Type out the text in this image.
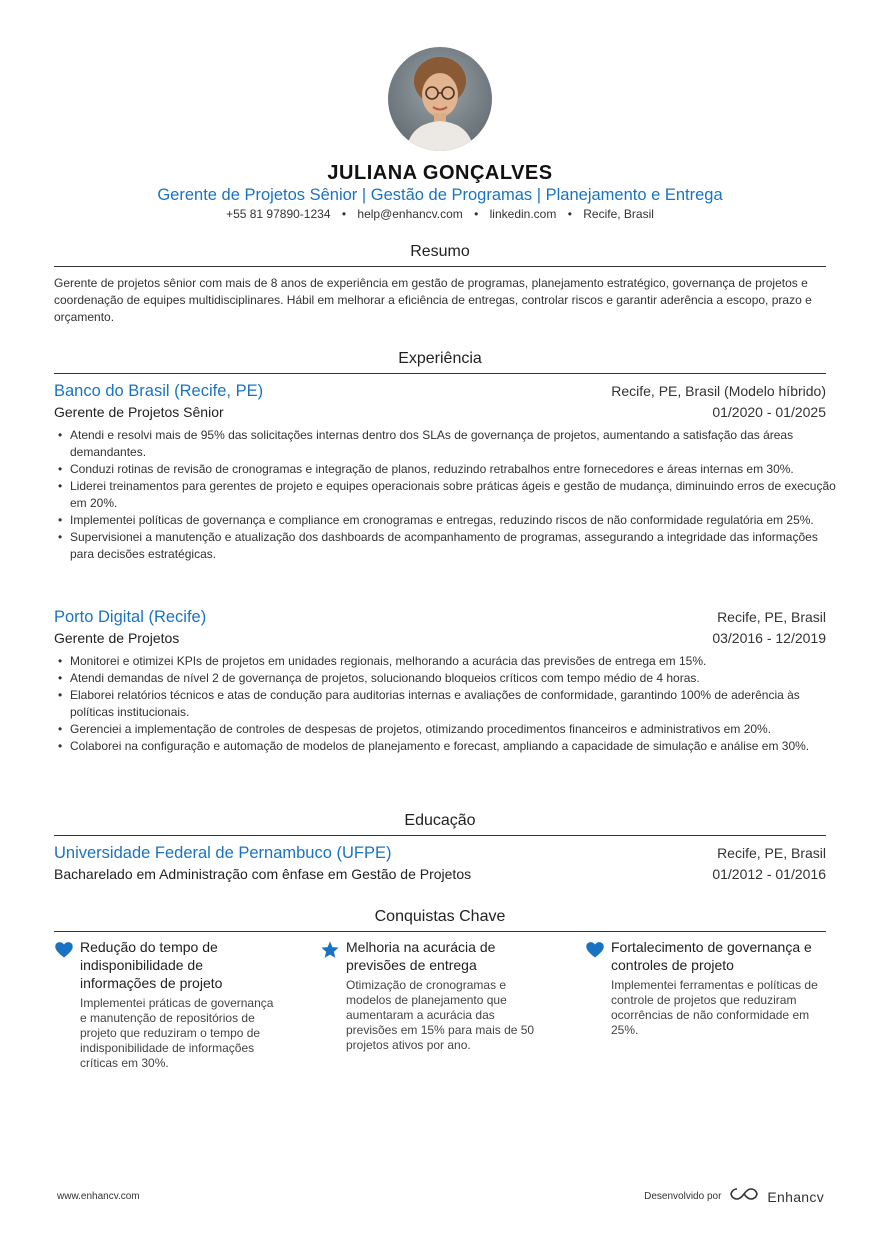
JULIANA GONÇALVES
Gerente de Projetos Sênior | Gestão de Programas | Planejamento e Entrega
+55 81 97890-1234 • help@enhancv.com • linkedin.com • Recife, Brasil
Resumo
Gerente de projetos sênior com mais de 8 anos de experiência em gestão de programas, planejamento estratégico, governança de projetos e coordenação de equipes multidisciplinares. Hábil em melhorar a eficiência de entregas, controlar riscos e garantir aderência a escopo, prazo e orçamento.
Experiência
Banco do Brasil (Recife, PE)	Recife, PE, Brasil (Modelo híbrido)
Gerente de Projetos Sênior	01/2020 - 01/2025
• Atendi e resolvi mais de 95% das solicitações internas dentro dos SLAs de governança de projetos, aumentando a satisfação das áreas demandantes.
• Conduzi rotinas de revisão de cronogramas e integração de planos, reduzindo retrabalhos entre fornecedores e áreas internas em 30%.
• Liderei treinamentos para gerentes de projeto e equipes operacionais sobre práticas ágeis e gestão de mudança, diminuindo erros de execução em 20%.
• Implementei políticas de governança e compliance em cronogramas e entregas, reduzindo riscos de não conformidade regulatória em 25%.
• Supervisionei a manutenção e atualização dos dashboards de acompanhamento de programas, assegurando a integridade das informações para decisões estratégicas.
Porto Digital (Recife)	Recife, PE, Brasil
Gerente de Projetos	03/2016 - 12/2019
• Monitorei e otimizei KPIs de projetos em unidades regionais, melhorando a acurácia das previsões de entrega em 15%.
• Atendi demandas de nível 2 de governança de projetos, solucionando bloqueios críticos com tempo médio de 4 horas.
• Elaborei relatórios técnicos e atas de condução para auditorias internas e avaliações de conformidade, garantindo 100% de aderência às políticas institucionais.
• Gerenciei a implementação de controles de despesas de projetos, otimizando procedimentos financeiros e administrativos em 20%.
• Colaborei na configuração e automação de modelos de planejamento e forecast, ampliando a capacidade de simulação e análise em 30%.
Educação
Universidade Federal de Pernambuco (UFPE)	Recife, PE, Brasil
Bacharelado em Administração com ênfase em Gestão de Projetos	01/2012 - 01/2016
Conquistas Chave
Redução do tempo de indisponibilidade de informações de projeto
Implementei práticas de governança e manutenção de repositórios de projeto que reduziram o tempo de indisponibilidade de informações críticas em 30%.
Melhoria na acurácia de previsões de entrega
Otimização de cronogramas e modelos de planejamento que aumentaram a acurácia das previsões em 15% para mais de 50 projetos ativos por ano.
Fortalecimento de governança e controles de projeto
Implementei ferramentas e políticas de controle de projetos que reduziram ocorrências de não conformidade em 25%.
www.enhancv.com	Desenvolvido por	Enhancv
